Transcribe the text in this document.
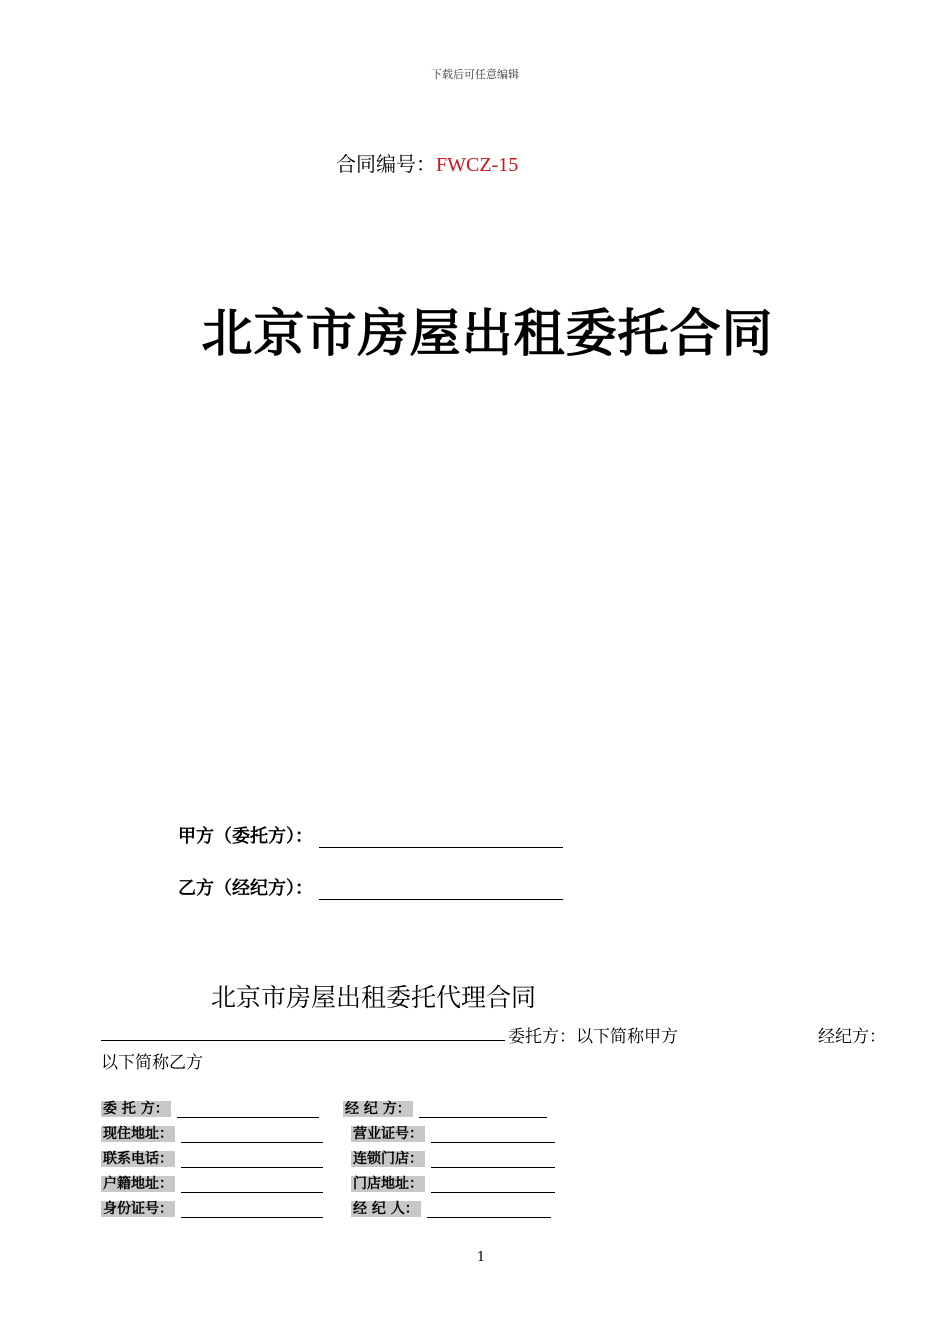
下载后可任意编辑
合同编号：FWCZ-15
北京市房屋出租委托合同
甲方（委托方）：
乙方（经纪方）：
北京市房屋出租委托代理合同
委托方：以下简称甲方	经纪方：
以下简称乙方
委 托 方：
现住地址：
联系电话：
户籍地址：
身份证号：
经 纪 方：
营业证号：
连锁门店：
门店地址：
经 纪 人：
1
